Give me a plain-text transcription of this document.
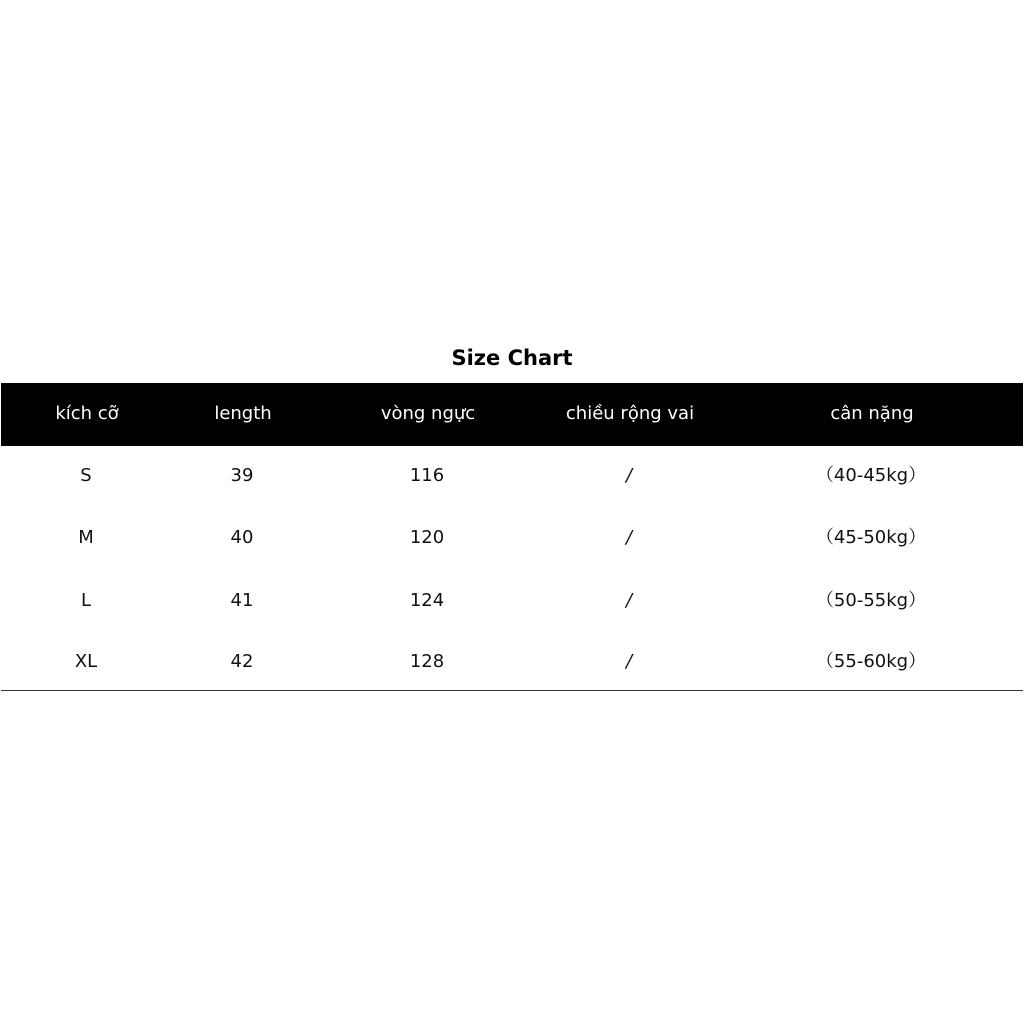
Size Chart
kích cỡ	length	vòng ngực	chiều rộng vai	cân nặng
S	39	116	/	（40-45kg）
M	40	120	/	（45-50kg）
L	41	124	/	（50-55kg）
XL	42	128	/	（55-60kg）
